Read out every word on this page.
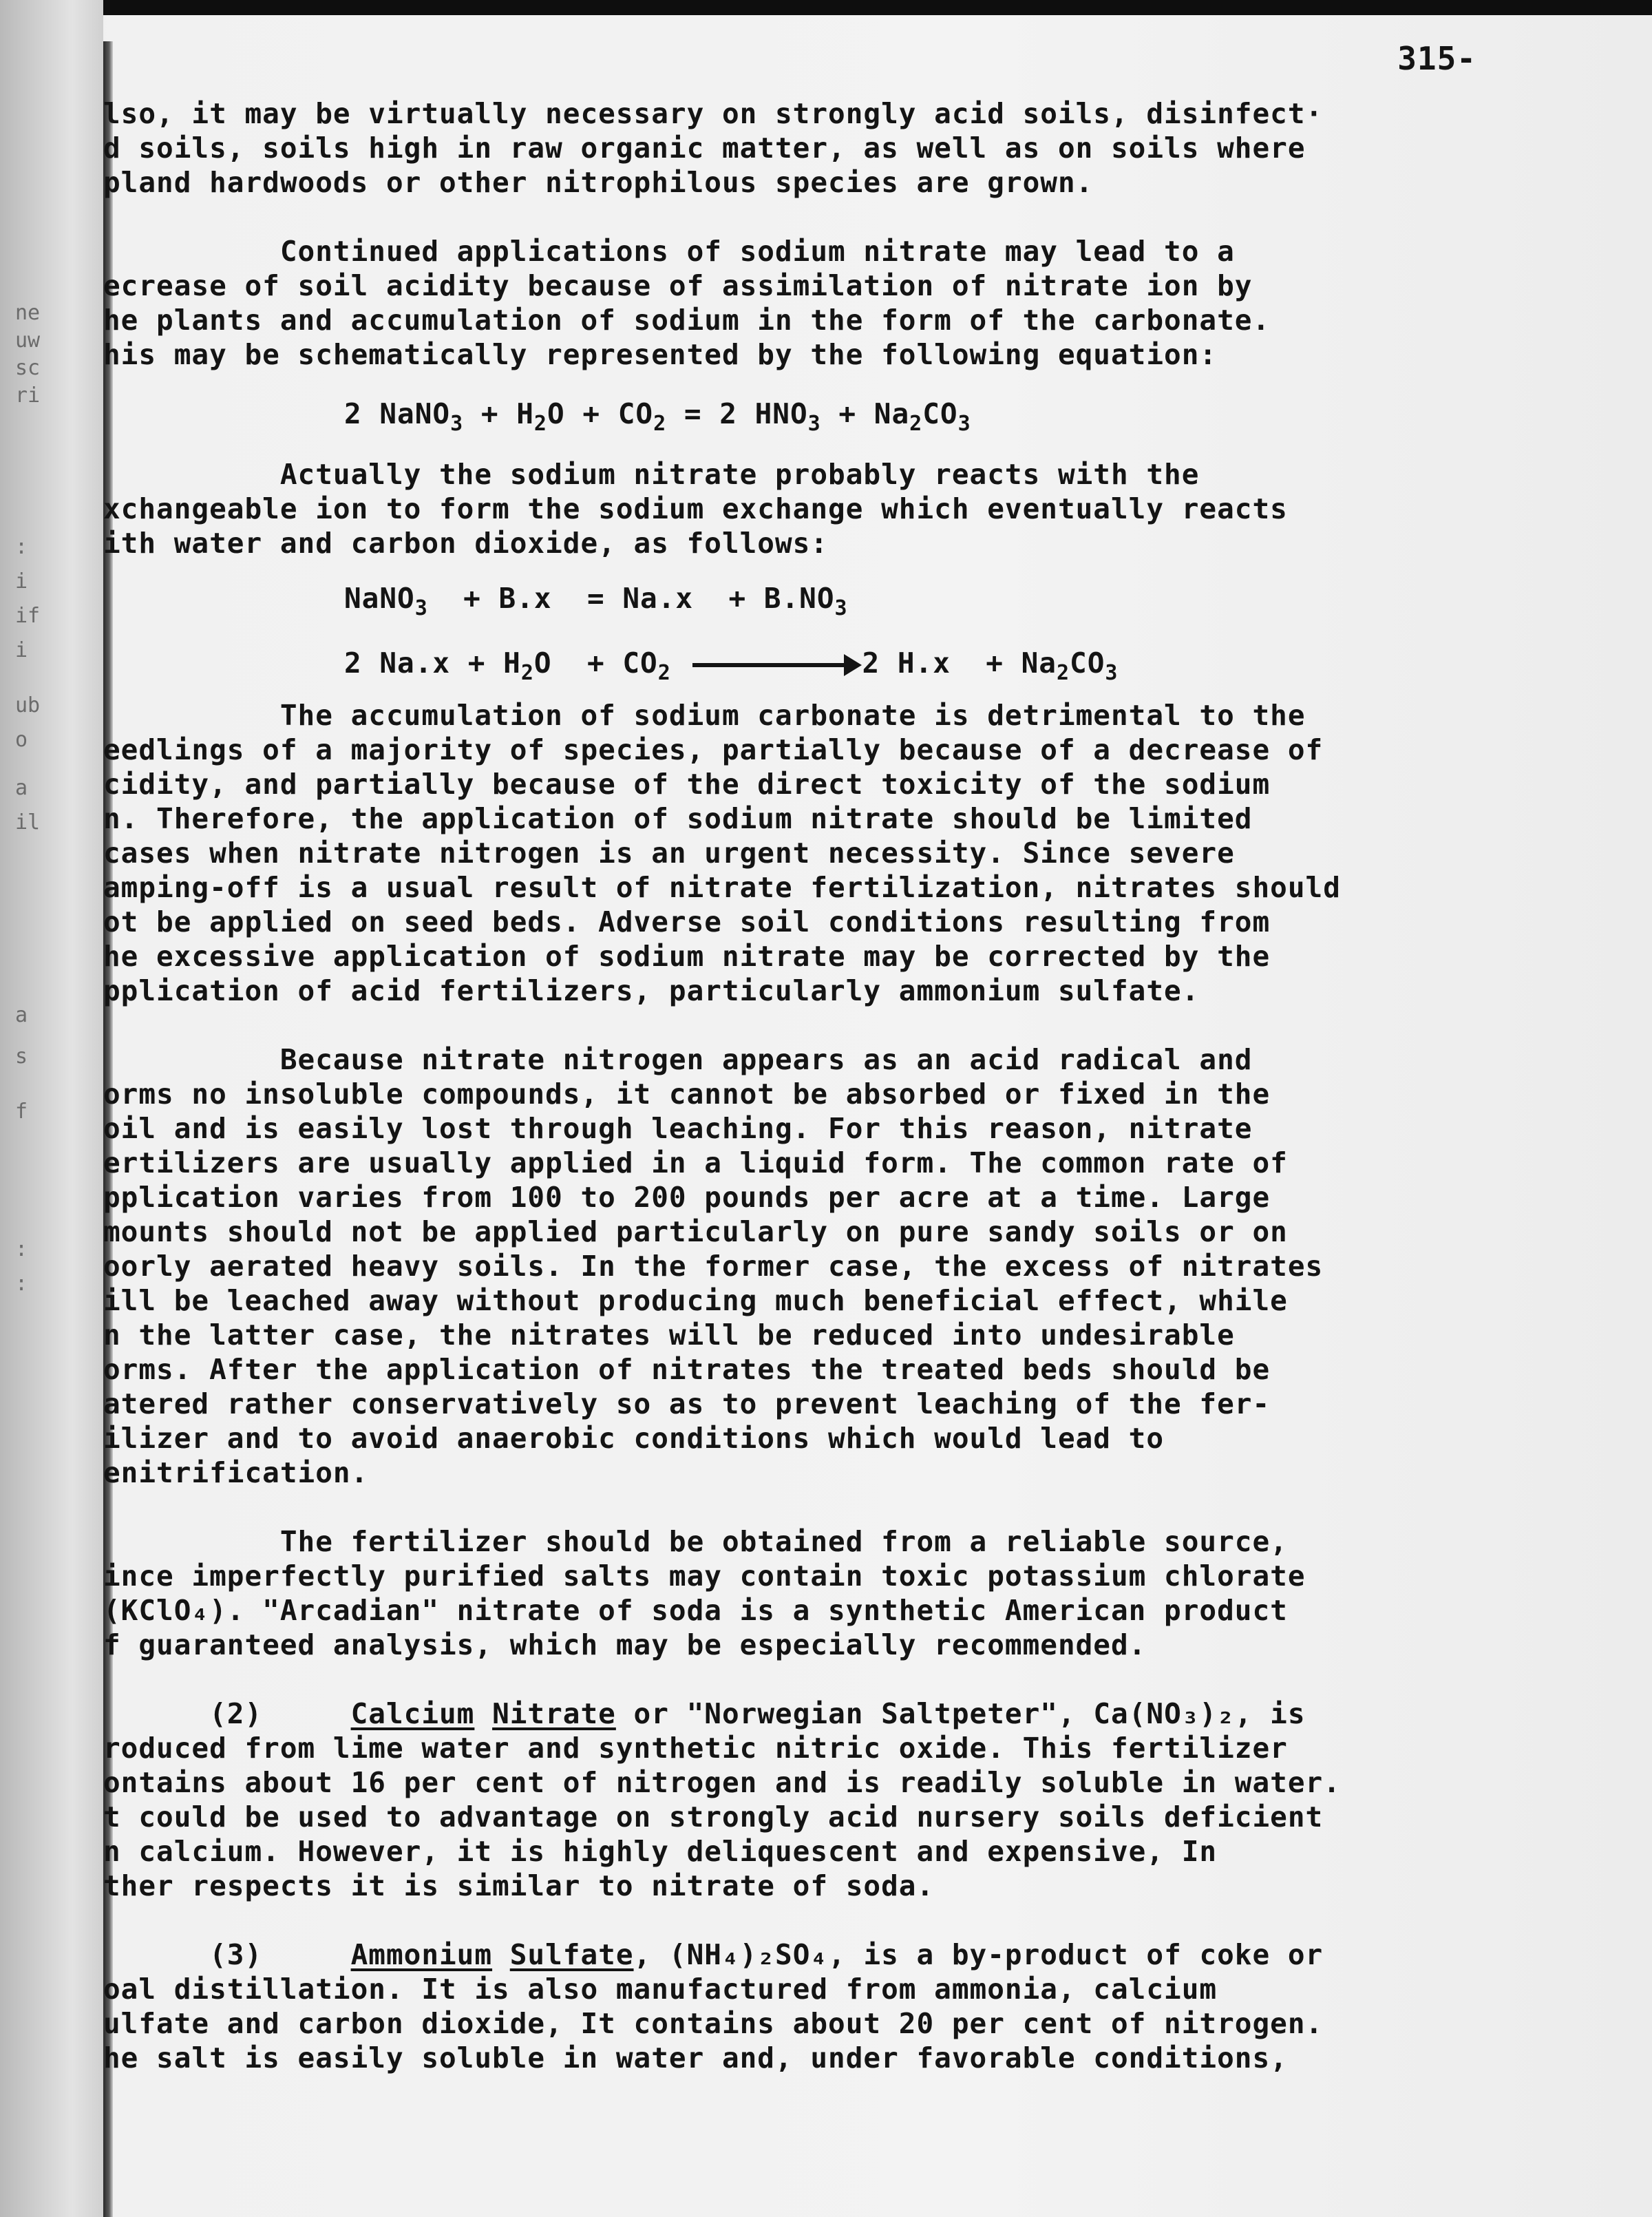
ne
uw
sc
ri
:
i
if
i
ub
o
a
il
a
s
f
:
:
315-

lso, it may be virtually necessary on strongly acid soils, disinfect·

d soils, soils high in raw organic matter, as well as on soils where

pland hardwoods or other nitrophilous species are grown.

Continued applications of sodium nitrate may lead to a

ecrease of soil acidity because of assimilation of nitrate ion by

he plants and accumulation of sodium in the form of the carbonate.

his may be schematically represented by the following equation:

2 NaNO$_3$ + $H_2O + CO_2 = 2$ $HNO_3 + Na_2CO_3$

Actually the sodium nitrate probably reacts with the

xchangeable ion to form the sodium exchange which eventually reacts

ith water and carbon dioxide, as follows:

NaNO$_3$  + $B.x = Na.x + B.NO_3$

2 $Na.x + H_2O + CO_2$	2 $H.x + Na_2CO_3$

The accumulation of sodium carbonate is detrimental to the

eedlings of a majority of species, partially because of a decrease of

cidity, and partially because of the direct toxicity of the sodium

n. Therefore, the application of sodium nitrate should be limited

cases when nitrate nitrogen is an urgent necessity. Since severe

amping-off is a usual result of nitrate fertilization, nitrates should

ot be applied on seed beds. Adverse soil conditions resulting from

he excessive application of sodium nitrate may be corrected by the

pplication of acid fertilizers, particularly ammonium sulfate.

Because nitrate nitrogen appears as an acid radical and

orms no insoluble compounds, it cannot be absorbed or fixed in the

oil and is easily lost through leaching. For this reason, nitrate

ertilizers are usually applied in a liquid form. The common rate of

pplication varies from 100 to 200 pounds per acre at a time. Large

mounts should not be applied particularly on pure sandy soils or on

oorly aerated heavy soils. In the former case, the excess of nitrates

ill be leached away without producing much beneficial effect, while

n the latter case, the nitrates will be reduced into undesirable

orms. After the application of nitrates the treated beds should be

atered rather conservatively so as to prevent leaching of the fer-

ilizer and to avoid anaerobic conditions which would lead to

enitrification.

The fertilizer should be obtained from a reliable source,

ince imperfectly purified salts may contain toxic potassium chlorate

(KClO₄). "Arcadian" nitrate of soda is a synthetic American product

f guaranteed analysis, which may be especially recommended.

(2)     Calcium Nitrate or "Norwegian Saltpeter", Ca(NO₃)₂, is

roduced from lime water and synthetic nitric oxide. This fertilizer

ontains about 16 per cent of nitrogen and is readily soluble in water.

t could be used to advantage on strongly acid nursery soils deficient

n calcium. However, it is highly deliquescent and expensive, In

ther respects it is similar to nitrate of soda.

(3)     Ammonium Sulfate, (NH₄)₂SO₄, is a by-product of coke or

oal distillation. It is also manufactured from ammonia, calcium

ulfate and carbon dioxide, It contains about 20 per cent of nitrogen.

he salt is easily soluble in water and, under favorable conditions,
